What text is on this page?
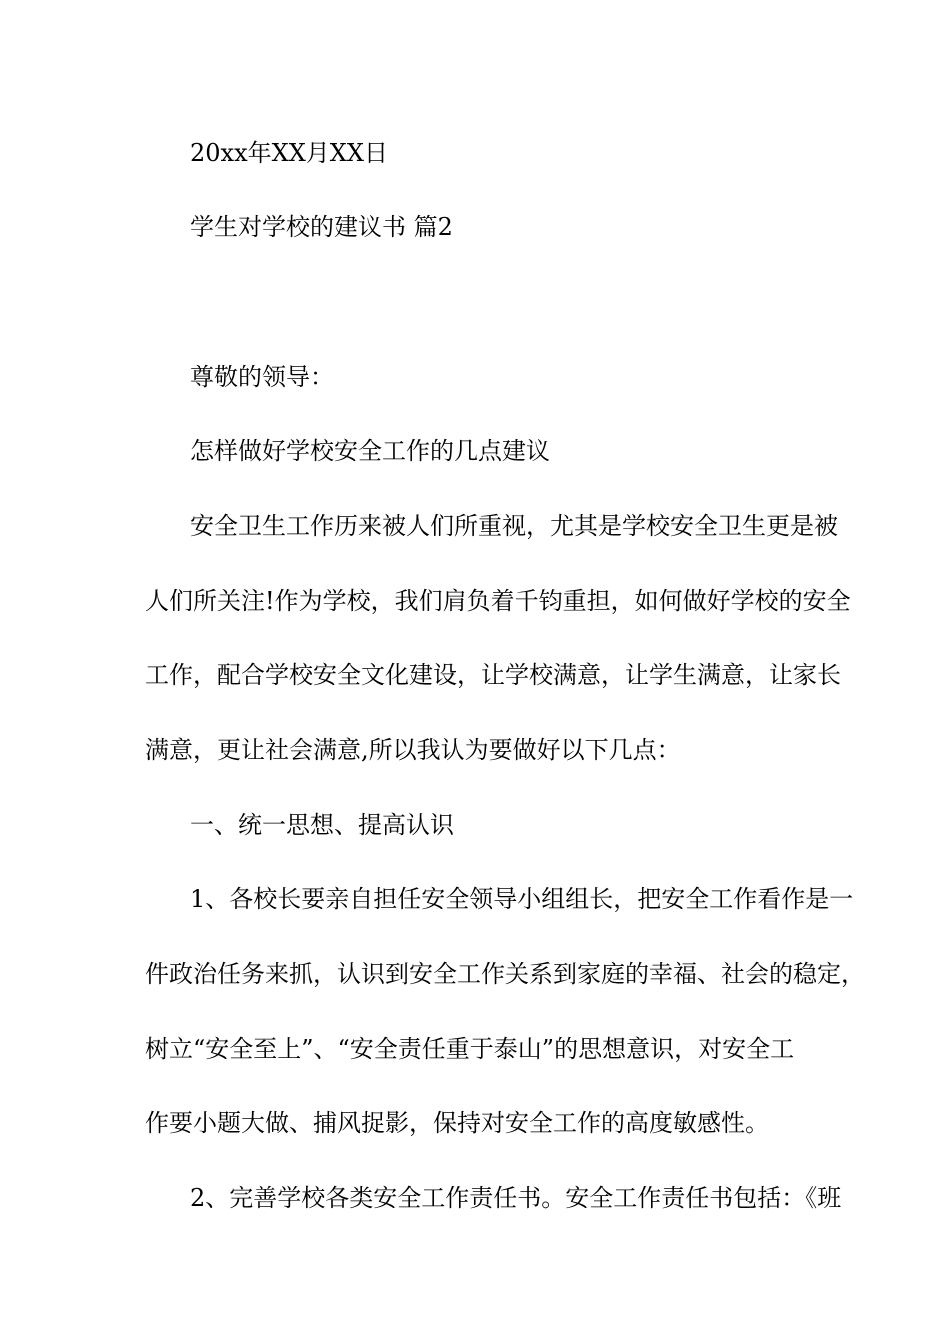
20xx年XX月XX日
学生对学校的建议书 篇2
尊敬的领导：
怎样做好学校安全工作的几点建议
安全卫生工作历来被人们所重视，尤其是学校安全卫生更是被
人们所关注!作为学校，我们肩负着千钧重担，如何做好学校的安全
工作，配合学校安全文化建设，让学校满意，让学生满意，让家长
满意，更让社会满意,所以我认为要做好以下几点：
一、统一思想、提高认识
1、各校长要亲自担任安全领导小组组长，把安全工作看作是一
件政治任务来抓，认识到安全工作关系到家庭的幸福、社会的稳定，
树立“安全至上”、“安全责任重于泰山”的思想意识，对安全工
作要小题大做、捕风捉影，保持对安全工作的高度敏感性。
2、完善学校各类安全工作责任书。安全工作责任书包括：《班
